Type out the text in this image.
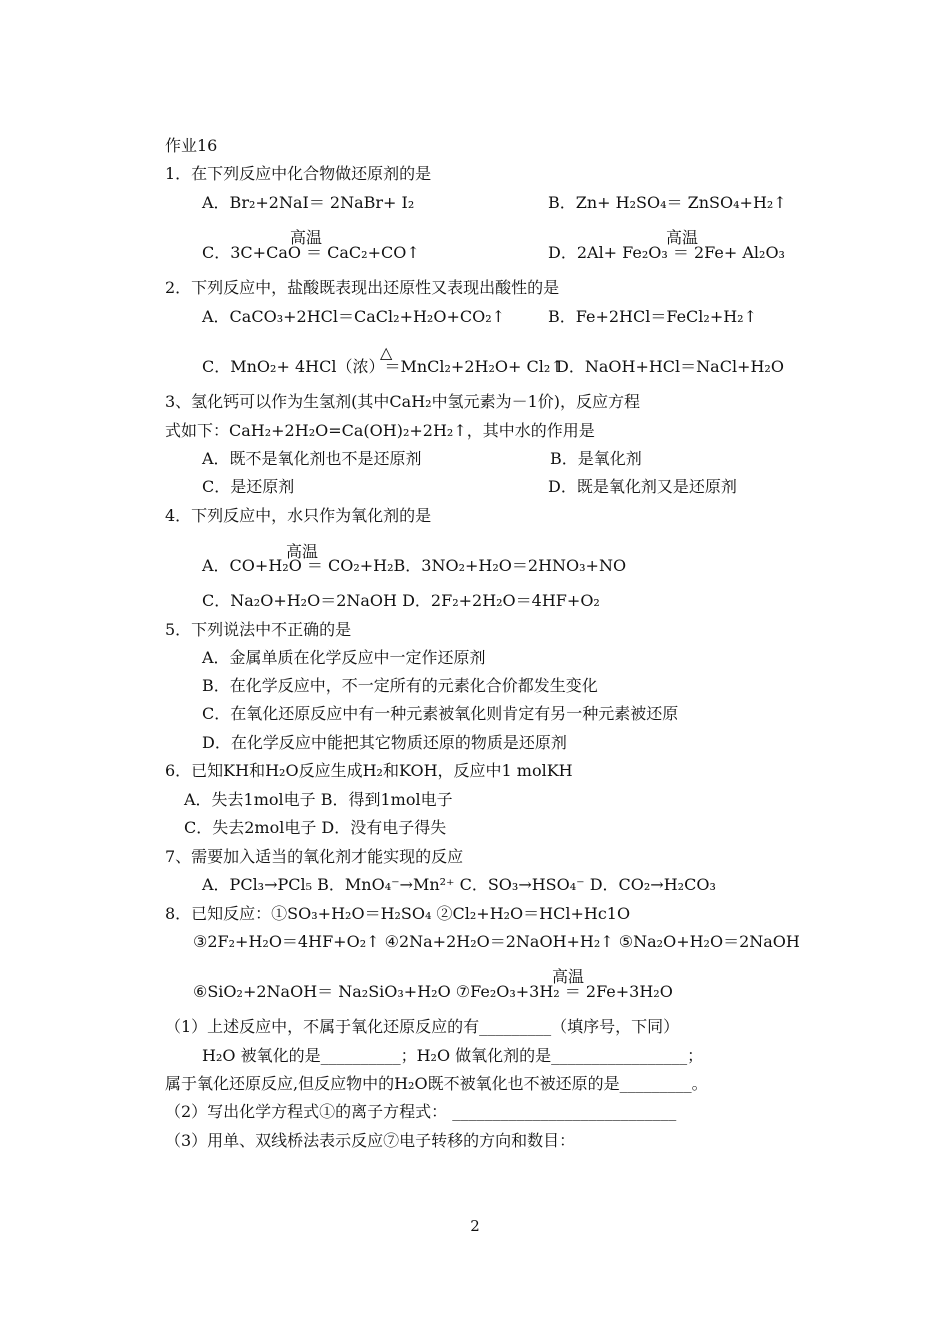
作业16
1．在下列反应中化合物做还原剂的是
A．Br₂+2NaI＝ 2NaBr+ I₂	B．Zn+ H₂SO₄＝ ZnSO₄+H₂↑
高温
C．3C+CaO ＝ CaC₂+CO↑
高温
D．2Al+ Fe₂O₃ ＝ 2Fe+ Al₂O₃
2．下列反应中，盐酸既表现出还原性又表现出酸性的是
A．CaCO₃+2HCl＝CaCl₂+H₂O+CO₂↑	B．Fe+2HCl＝FeCl₂+H₂↑
△
C．MnO₂+ 4HCl（浓）＝MnCl₂+2H₂O+ Cl₂↑
D．NaOH+HCl＝NaCl+H₂O
3、氢化钙可以作为生氢剂(其中CaH₂中氢元素为－1价)，反应方程
式如下：CaH₂+2H₂O=Ca(OH)₂+2H₂↑，其中水的作用是
A．既不是氧化剂也不是还原剂	B．是氧化剂
C．是还原剂	D．既是氧化剂又是还原剂
4．下列反应中，水只作为氧化剂的是
高温
A．CO+H₂O ＝ CO₂+H₂B．3NO₂+H₂O＝2HNO₃+NO
C．Na₂O+H₂O＝2NaOH D．2F₂+2H₂O＝4HF+O₂
5．下列说法中不正确的是
A．金属单质在化学反应中一定作还原剂
B．在化学反应中，不一定所有的元素化合价都发生变化
C．在氧化还原反应中有一种元素被氧化则肯定有另一种元素被还原
D．在化学反应中能把其它物质还原的物质是还原剂
6．已知KH和H₂O反应生成H₂和KOH，反应中1 molKH
A．失去1mol电子 B．得到1mol电子
C．失去2mol电子 D．没有电子得失
7、需要加入适当的氧化剂才能实现的反应
A．PCl₃→PCl₅ B．MnO₄⁻→Mn²⁺ C．SO₃→HSO₄⁻ D．CO₂→H₂CO₃
8．已知反应：①SO₃+H₂O＝H₂SO₄ ②Cl₂+H₂O＝HCl+Hc1O
③2F₂+H₂O＝4HF+O₂↑ ④2Na+2H₂O＝2NaOH+H₂↑ ⑤Na₂O+H₂O＝2NaOH
高温
⑥SiO₂+2NaOH＝ Na₂SiO₃+H₂O ⑦Fe₂O₃+3H₂ ＝ 2Fe+3H₂O
（1）上述反应中，不属于氧化还原反应的有_________（填序号，下同）
H₂O 被氧化的是__________；H₂O 做氧化剂的是_________________；
属于氧化还原反应,但反应物中的H₂O既不被氧化也不被还原的是_________。
（2）写出化学方程式①的离子方程式： ____________________________
（3）用单、双线桥法表示反应⑦电子转移的方向和数目：
2
